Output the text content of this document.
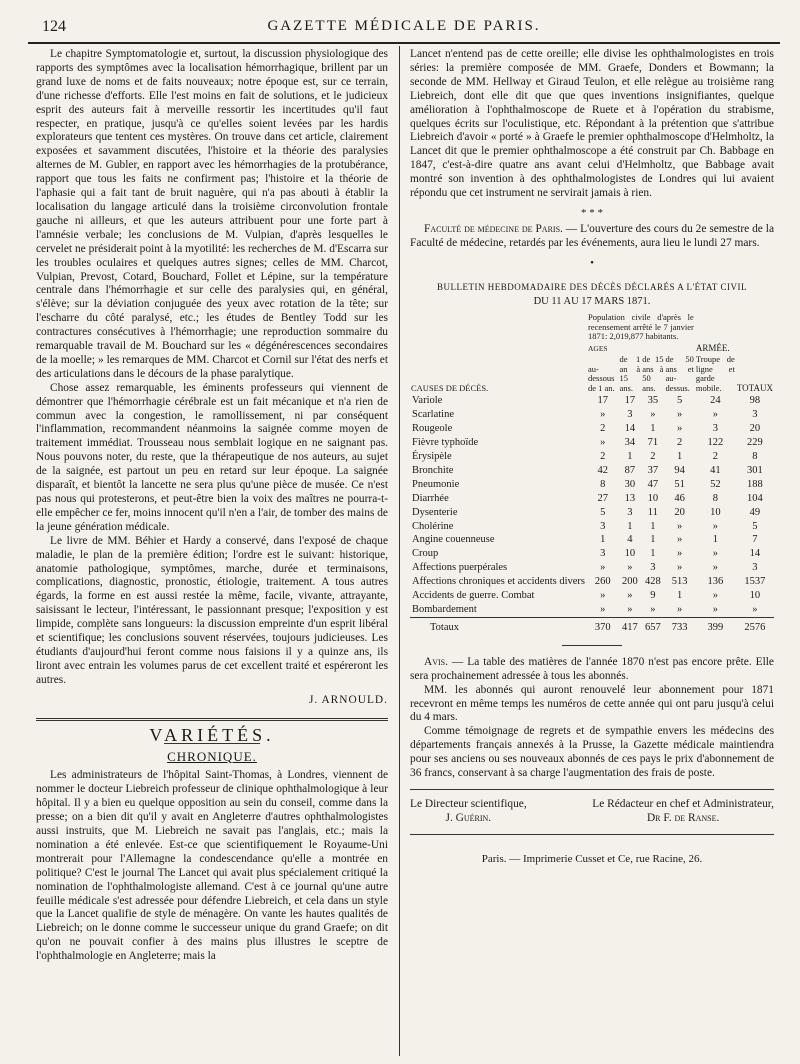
124	GAZETTE MÉDICALE DE PARIS.

Le chapitre Symptomatologie et, surtout, la discussion physiologique des rapports des symptômes avec la localisation hémorrhagique, brillent par un grand luxe de noms et de faits nouveaux; notre époque est, sur ce terrain, d'une richesse d'efforts. Elle l'est moins en fait de solutions, et le judicieux esprit des auteurs fait à merveille ressortir les incertitudes qu'il faut respecter, en pratique, jusqu'à ce qu'elles soient levées par les hardis explorateurs que tentent ces mystères. On trouve dans cet article, clairement exposées et savamment discutées, l'histoire et la théorie des paralysies alternes de M. Gubler, en rapport avec les hémorrhagies de la protubérance, rapport que tous les faits ne confirment pas; l'histoire et la théorie de l'aphasie qui a fait tant de bruit naguère, qui n'a pas abouti à établir la localisation du langage articulé dans la troisième circonvolution frontale gauche ni ailleurs, et que les auteurs attribuent pour une forte part à l'amnésie verbale; les conclusions de M. Vulpian, d'après lesquelles le cervelet ne présiderait point à la myotilité: les recherches de M. d'Escarra sur les troubles oculaires et quelques autres signes; celles de MM. Charcot, Vulpian, Prevost, Cotard, Bouchard, Follet et Lépine, sur la température centrale dans l'hémorrhagie et sur celle des paralysies qui, en général, s'élève; sur la déviation conjuguée des yeux avec rotation de la tête; sur l'escharre du côté paralysé, etc.; les études de Bentley Todd sur les contractures consécutives à l'hémorrhagie; une reproduction sommaire du remarquable travail de M. Bouchard sur les « dégénérescences secondaires de la moelle; » les remarques de MM. Charcot et Cornil sur l'état des nerfs et des articulations dans le décours de la phase paralytique.

Chose assez remarquable, les éminents professeurs qui viennent de démontrer que l'hémorrhagie cérébrale est un fait mécanique et n'a rien de commun avec la congestion, le ramollissement, ni par conséquent l'inflammation, recommandent néanmoins la saignée comme moyen de traitement immédiat. Trousseau nous semblait logique en ne saignant pas. Nous pouvons noter, du reste, que la thérapeutique de nos auteurs, au sujet de la saignée, est partout un peu en retard sur leur époque. La saignée disparaît, et bientôt la lancette ne sera plus qu'une pièce de musée. Ce n'est pas nous qui protesterons, et peut-être bien la voix des maîtres ne pourra-t-elle empêcher ce fer, moins innocent qu'il n'en a l'air, de tomber des mains de la jeune génération médicale.

Le livre de MM. Béhier et Hardy a conservé, dans l'exposé de chaque maladie, le plan de la première édition; l'ordre est le suivant: historique, anatomie pathologique, symptômes, marche, durée et terminaisons, complications, diagnostic, pronostic, étiologie, traitement. A tous autres égards, la forme en est aussi restée la même, facile, vivante, attrayante, saisissant le lecteur, l'intéressant, le passionnant presque; l'exposition y est limpide, complète sans longueurs: la discussion empreinte d'un esprit libéral et scientifique; les conclusions souvent réservées, toujours judicieuses. Les étudiants d'aujourd'hui feront comme nous faisions il y a quinze ans, ils liront avec entrain les volumes parus de cet excellent traité et espéreront les autres.

J. ARNOULD.
VARIÉTÉS.
CHRONIQUE.

Les administrateurs de l'hôpital Saint-Thomas, à Londres, viennent de nommer le docteur Liebreich professeur de clinique ophthalmologique à leur hôpital. Il y a bien eu quelque opposition au sein du conseil, comme dans la presse; on a bien dit qu'il y avait en Angleterre d'autres ophthalmologistes aussi instruits, que M. Liebreich ne savait pas l'anglais, etc.; mais la nomination a été enlevée. Est-ce que scientifiquement le Royaume-Uni montrerait pour l'Allemagne la condescendance qu'elle a montrée en politique? C'est le journal The Lancet qui avait plus spécialement critiqué la nomination de l'ophthalmologiste allemand. C'est à ce journal qu'une autre feuille médicale s'est adressée pour défendre Liebreich, et cela dans un style que la Lancet qualifie de style de ménagère. On vante les hautes qualités de Liebreich; on le donne comme le successeur unique du grand Graefe; on dit qu'on ne pouvait confier à des mains plus illustres le sceptre de l'ophthalmologie en Angleterre; mais la

Lancet n'entend pas de cette oreille; elle divise les ophthalmologistes en trois séries: la première composée de MM. Graefe, Donders et Bowmann; la seconde de MM. Hellway et Giraud Teulon, et elle relègue au troisième rang Liebreich, dont elle dit que que ques inventions insignifiantes, quelque amélioration à l'ophthalmoscope de Ruete et à l'opération du strabisme, quelques écrits sur l'oculistique, etc. Répondant à la prétention que s'attribue Liebreich d'avoir « porté » à Graefe le premier ophthalmoscope d'Helmholtz, la Lancet dit que le premier ophthalmoscope a été construit par Ch. Babbage en 1847, c'est-à-dire quatre ans avant celui d'Helmholtz, que Babbage avait montré son invention à des ophthalmologistes de Londres qui lui avaient répondu que cet instrument ne servirait jamais à rien.

* * *

Faculté de médecine de Paris. — L'ouverture des cours du 2e semestre de la Faculté de médecine, retardés par les événements, aura lieu le lundi 27 mars.

•
BULLETIN HEBDOMADAIRE DES DÉCÈS DÉCLARÉS A L'ÉTAT CIVIL
DU 11 AU 17 MARS 1871.
CAUSES DE DÉCÈS.	Population civile d'après le recensement arrêté le 7 janvier 1871: 2,019,877 habitants.				ARMÉE.	TOTAUX
	AGES					
	au-dessous de 1 an.	de 1 an à 15 ans.	de 15 ans à 50 ans.	de 50 ans et au-dessus.	Troupe de ligne et garde mobile.	
Variole	17	17	35	5	24	98
Scarlatine	»	3	»	»	»	3
Rougeole	2	14	1	»	3	20
Fièvre typhoïde	»	34	71	2	122	229
Érysipèle	2	1	2	1	2	8
Bronchite	42	87	37	94	41	301
Pneumonie	8	30	47	51	52	188
Diarrhée	27	13	10	46	8	104
Dysenterie	5	3	11	20	10	49
Cholérine	3	1	1	»	»	5
Angine couenneuse	1	4	1	»	1	7
Croup	3	10	1	»	»	14
Affections puerpérales	»	»	3	»	»	3
Affections chroniques et accidents divers	260	200	428	513	136	1537
Accidents de guerre. Combat	»	»	9	1	»	10
Bombardement	»	»	»	»	»	»
Totaux	370	417	657	733	399	2576

Avis. — La table des matières de l'année 1870 n'est pas encore prête. Elle sera prochainement adressée à tous les abonnés.

MM. les abonnés qui auront renouvelé leur abonnement pour 1871 recevront en même temps les numéros de cette année qui ont paru jusqu'à celui du 4 mars.

Comme témoignage de regrets et de sympathie envers les médecins des départements français annexés à la Prusse, la Gazette médicale maintiendra pour ses anciens ou ses nouveaux abonnés de ces pays le prix d'abonnement de 36 francs, conservant à sa charge l'augmentation des frais de poste.

Le Directeur scientifique,
J. Guérin.
Le Rédacteur en chef et Administrateur,
Dr F. de Ranse.
Paris. — Imprimerie Cusset et Ce, rue Racine, 26.
